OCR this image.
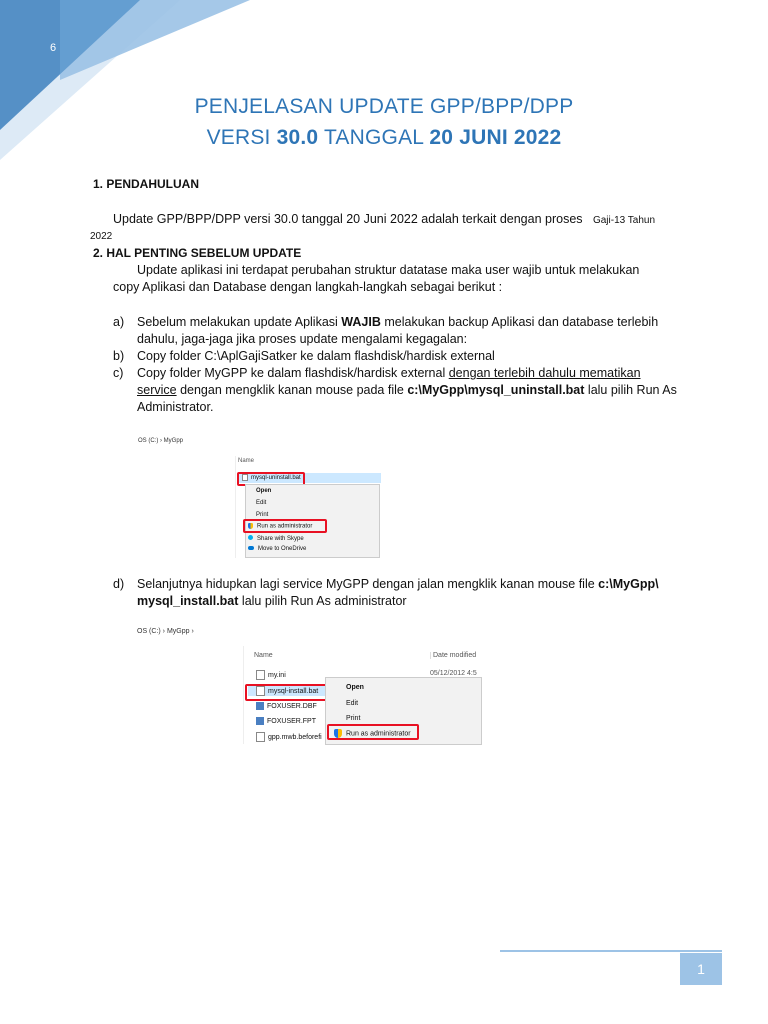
6
PENJELASAN UPDATE GPP/BPP/DPP
VERSI 30.0 TANGGAL 20 JUNI 2022
1. PENDAHULUAN
Update GPP/BPP/DPP versi 30.0 tanggal 20 Juni 2022 adalah terkait dengan proses Gaji-13 Tahun
2022
2. HAL PENTING SEBELUM UPDATE
Update aplikasi ini terdapat perubahan struktur datatase maka user wajib untuk melakukan
copy Aplikasi dan Database dengan langkah-langkah sebagai berikut :
a) Sebelum melakukan update Aplikasi WAJIB melakukan backup Aplikasi dan database terlebih
dahulu, jaga-jaga jika proses update mengalami kegagalan:
b) Copy folder C:\AplGajiSatker ke dalam flashdisk/hardisk external
c) Copy folder MyGPP ke dalam flashdisk/hardisk external dengan terlebih dahulu mematikan
service dengan mengklik kanan mouse pada file c:\MyGpp\mysql_uninstall.bat lalu pilih Run As
Administrator.
OS (C:) › MyGpp
Name
mysql-uninstall.bat
Open
Edit
Print
Run as administrator
Share with Skype
Move to OneDrive
d) Selanjutnya hidupkan lagi service MyGPP dengan jalan mengklik kanan mouse file c:\MyGpp\
mysql_install.bat lalu pilih Run As administrator
OS (C:) › MyGpp ›
Name	Date modified
my.ini	05/12/2012 4:5
mysql-install.bat
FOXUSER.DBF
FOXUSER.FPT
gpp.mwb.beforefi
Open
Edit
Print
Run as administrator
1
